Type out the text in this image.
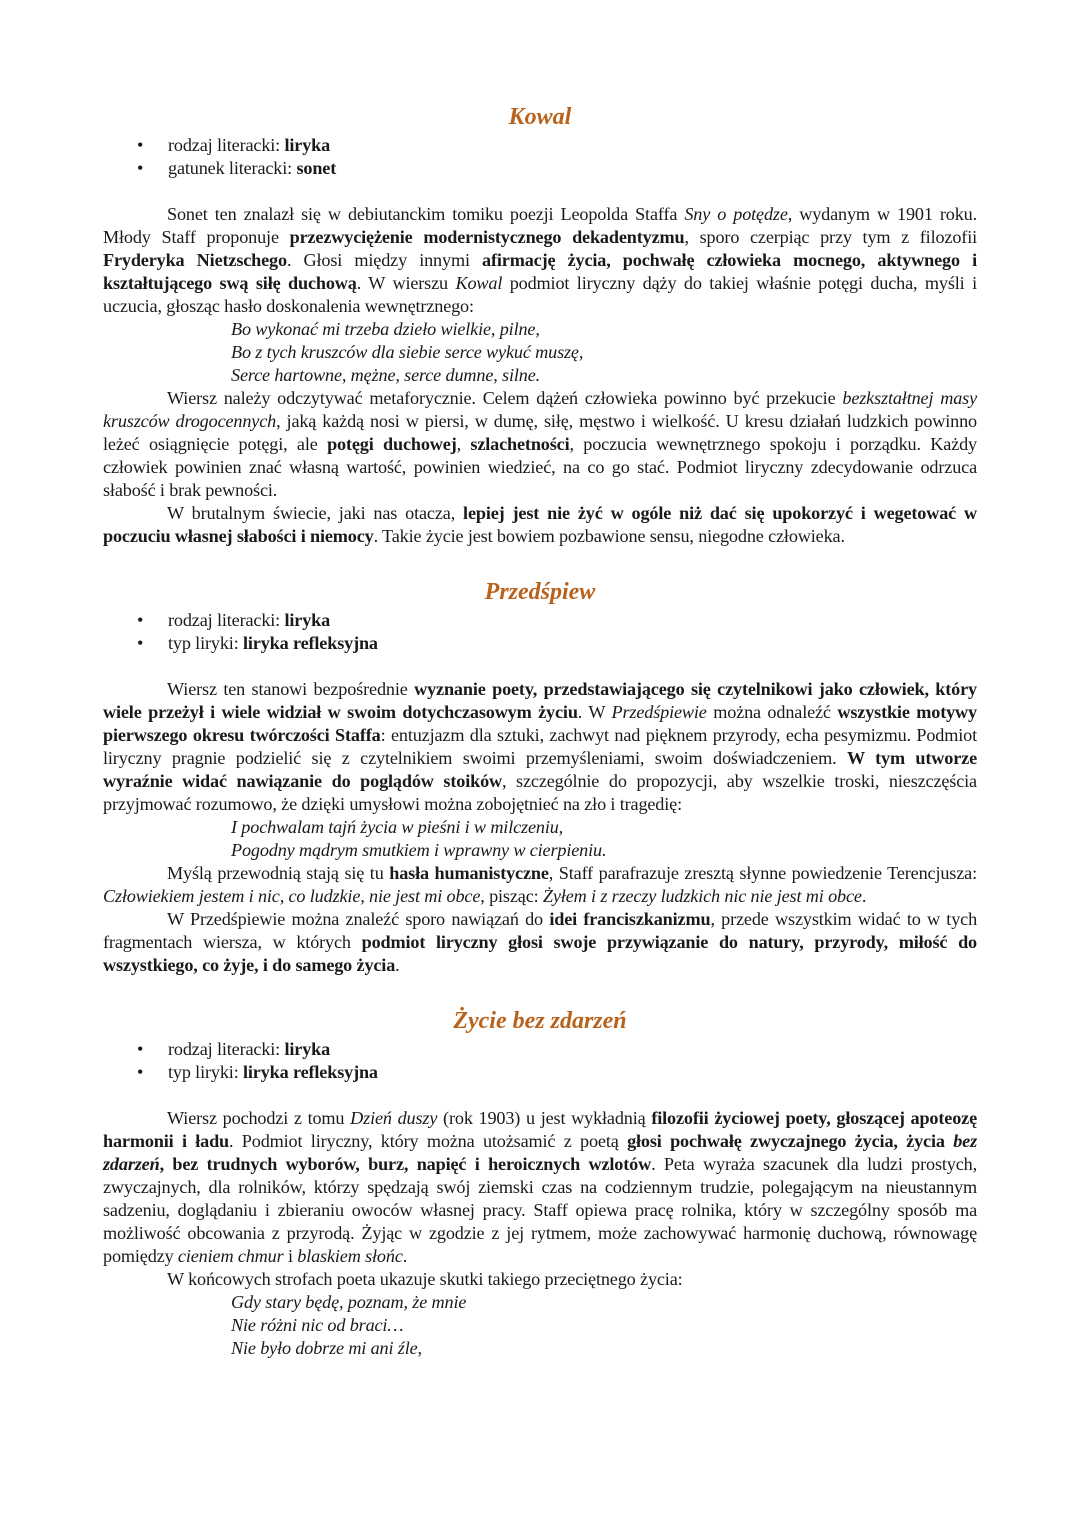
Kowal
• rodzaj literacki: liryka
• gatunek literacki: sonet

Sonet ten znalazł się w debiutanckim tomiku poezji Leopolda Staffa Sny o potędze, wydanym w 1901 roku. Młody Staff proponuje przezwyciężenie modernistycznego dekadentyzmu, sporo czerpiąc przy tym z filozofii Fryderyka Nietzschego. Głosi między innymi afirmację życia, pochwałę człowieka mocnego, aktywnego i kształtującego swą siłę duchową. W wierszu Kowal podmiot liryczny dąży do takiej właśnie potęgi ducha, myśli i uczucia, głosząc hasło doskonalenia wewnętrznego:

Bo wykonać mi trzeba dzieło wielkie, pilne,
Bo z tych kruszców dla siebie serce wykuć muszę,
Serce hartowne, mężne, serce dumne, silne.

Wiersz należy odczytywać metaforycznie. Celem dążeń człowieka powinno być przekucie bezkształtnej masy kruszców drogocennych, jaką każdą nosi w piersi, w dumę, siłę, męstwo i wielkość. U kresu działań ludzkich powinno leżeć osiągnięcie potęgi, ale potęgi duchowej, szlachetności, poczucia wewnętrznego spokoju i porządku. Każdy człowiek powinien znać własną wartość, powinien wiedzieć, na co go stać. Podmiot liryczny zdecydowanie odrzuca słabość i brak pewności.

W brutalnym świecie, jaki nas otacza, lepiej jest nie żyć w ogóle niż dać się upokorzyć i wegetować w poczuciu własnej słabości i niemocy. Takie życie jest bowiem pozbawione sensu, niegodne człowieka.

Przedśpiew
• rodzaj literacki: liryka
• typ liryki: liryka refleksyjna

Wiersz ten stanowi bezpośrednie wyznanie poety, przedstawiającego się czytelnikowi jako człowiek, który wiele przeżył i wiele widział w swoim dotychczasowym życiu. W Przedśpiewie można odnaleźć wszystkie motywy pierwszego okresu twórczości Staffa: entuzjazm dla sztuki, zachwyt nad pięknem przyrody, echa pesymizmu. Podmiot liryczny pragnie podzielić się z czytelnikiem swoimi przemyśleniami, swoim doświadczeniem. W tym utworze wyraźnie widać nawiązanie do poglądów stoików, szczególnie do propozycji, aby wszelkie troski, nieszczęścia przyjmować rozumowo, że dzięki umysłowi można zobojętnieć na zło i tragedię:

I pochwalam tajń życia w pieśni i w milczeniu,
Pogodny mądrym smutkiem i wprawny w cierpieniu.

Myślą przewodnią stają się tu hasła humanistyczne, Staff parafrazuje zresztą słynne powiedzenie Terencjusza: Człowiekiem jestem i nic, co ludzkie, nie jest mi obce, pisząc: Żyłem i z rzeczy ludzkich nic nie jest mi obce.

W Przedśpiewie można znaleźć sporo nawiązań do idei franciszkanizmu, przede wszystkim widać to w tych fragmentach wiersza, w których podmiot liryczny głosi swoje przywiązanie do natury, przyrody, miłość do wszystkiego, co żyje, i do samego życia.

Życie bez zdarzeń
• rodzaj literacki: liryka
• typ liryki: liryka refleksyjna

Wiersz pochodzi z tomu Dzień duszy (rok 1903) u jest wykładnią filozofii życiowej poety, głoszącej apoteozę harmonii i ładu. Podmiot liryczny, który można utożsamić z poetą głosi pochwałę zwyczajnego życia, życia bez zdarzeń, bez trudnych wyborów, burz, napięć i heroicznych wzlotów. Peta wyraża szacunek dla ludzi prostych, zwyczajnych, dla rolników, którzy spędzają swój ziemski czas na codziennym trudzie, polegającym na nieustannym sadzeniu, doglądaniu i zbieraniu owoców własnej pracy. Staff opiewa pracę rolnika, który w szczególny sposób ma możliwość obcowania z przyrodą. Żyjąc w zgodzie z jej rytmem, może zachowywać harmonię duchową, równowagę pomiędzy cieniem chmur i blaskiem słońc.

W końcowych strofach poeta ukazuje skutki takiego przeciętnego życia:

Gdy stary będę, poznam, że mnie
Nie różni nic od braci…
Nie było dobrze mi ani źle,
